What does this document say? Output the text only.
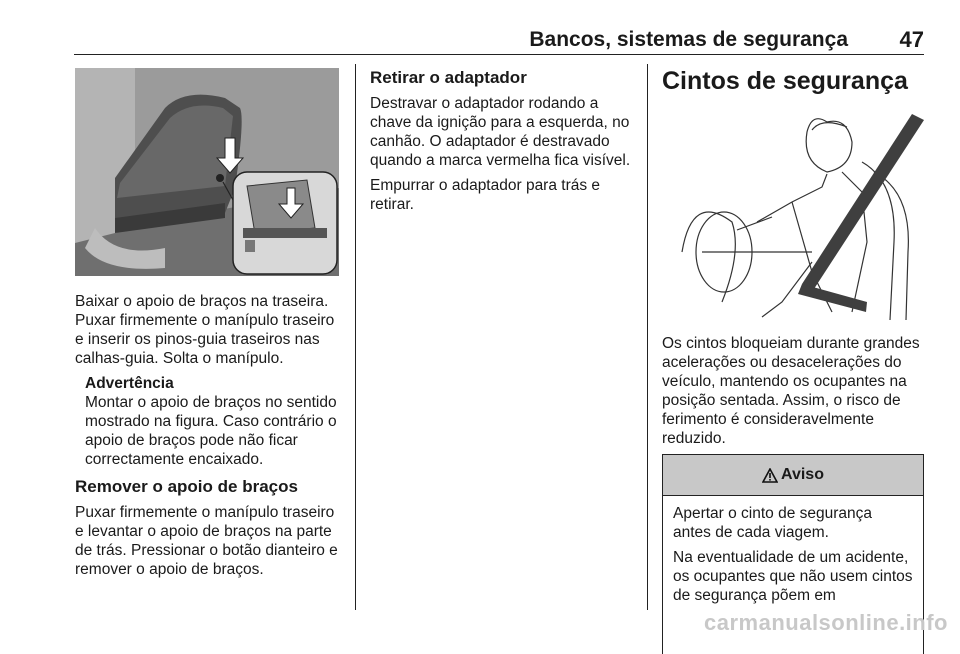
Bancos, sistemas de segurança 47

Baixar o apoio de braços na traseira. Puxar firmemente o manípulo traseiro e inserir os pinos-guia traseiros nas calhas-guia. Solta o manípulo.

Advertência

Montar o apoio de braços no sentido mostrado na figura. Caso contrário o apoio de braços pode não ficar correctamente encaixado.

Remover o apoio de braços

Puxar firmemente o manípulo traseiro e levantar o apoio de braços na parte de trás. Pressionar o botão dianteiro e remover o apoio de braços.

Retirar o adaptador

Destravar o adaptador rodando a chave da ignição para a esquerda, no canhão. O adaptador é destravado quando a marca vermelha fica visível.

Empurrar o adaptador para trás e retirar.

Cintos de segurança

Os cintos bloqueiam durante grandes acelerações ou desacelerações do veículo, mantendo os ocupantes na posição sentada. Assim, o risco de ferimento é consideravelmente reduzido.

Aviso

Apertar o cinto de segurança antes de cada viagem.

Na eventualidade de um acidente, os ocupantes que não usem cintos de segurança põem em

carmanualsonline.info
